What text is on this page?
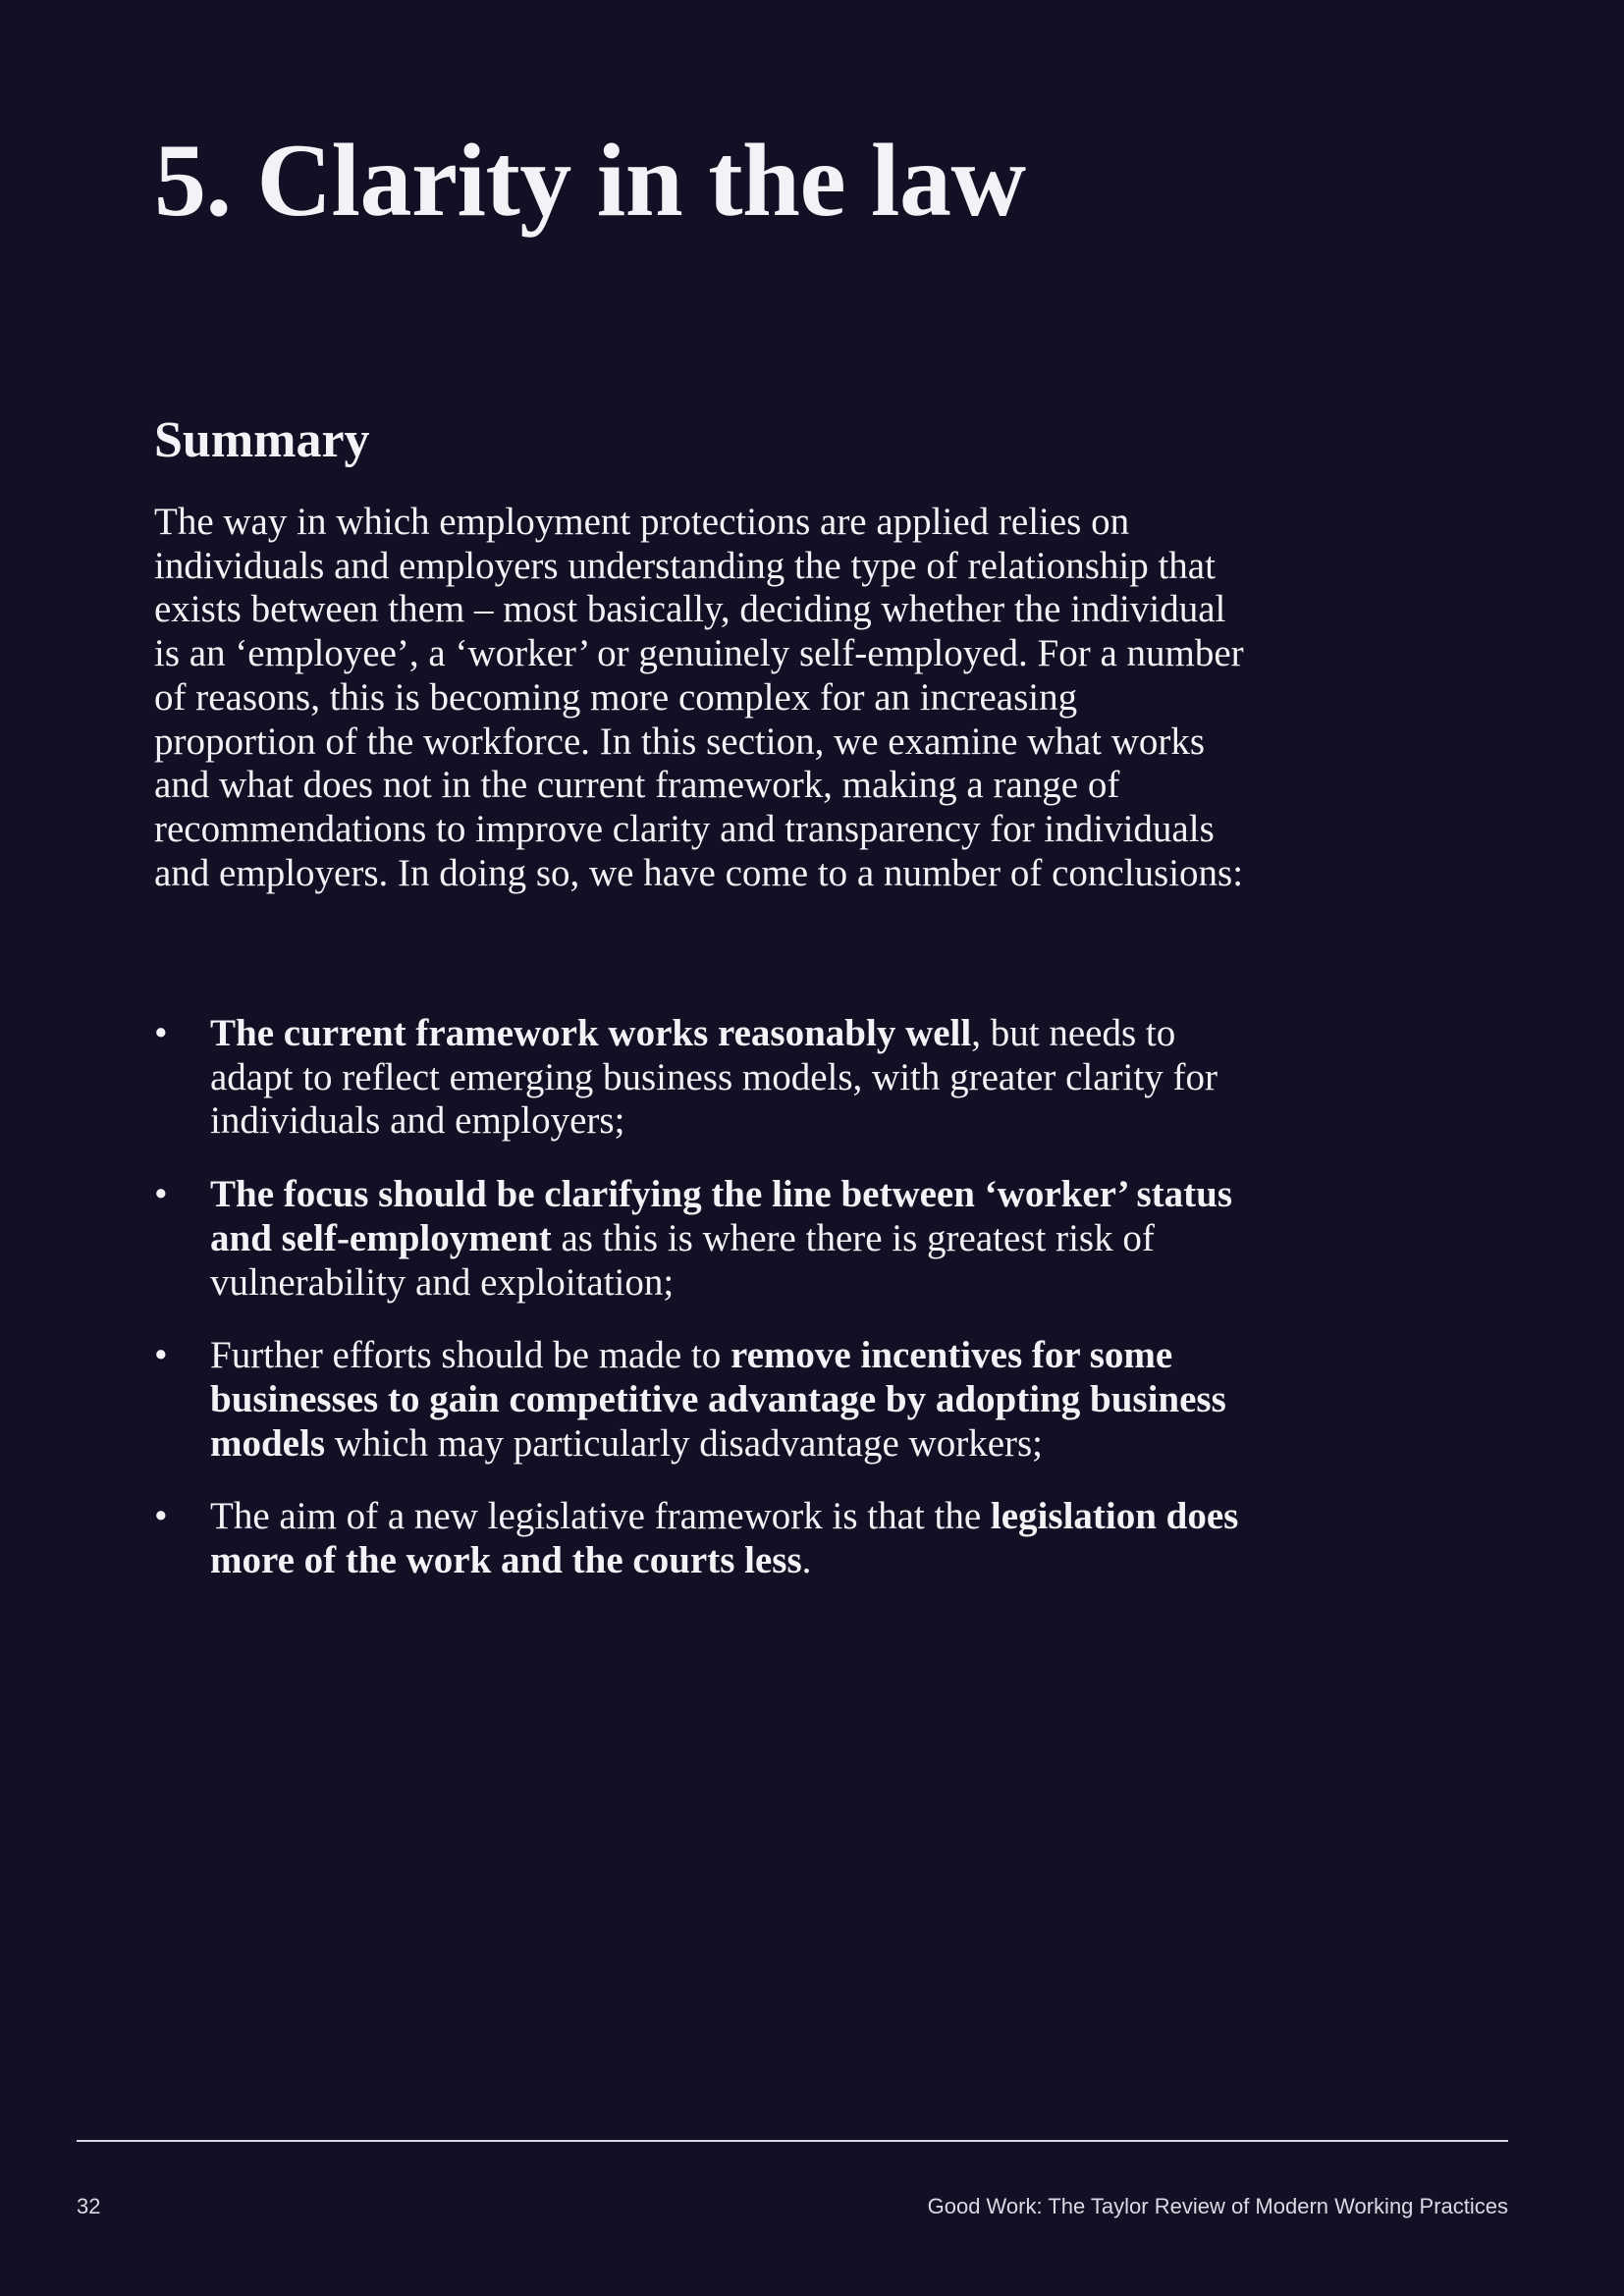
5. Clarity in the law
Summary

The way in which employment protections are applied relies on individuals and employers understanding the type of relationship that exists between them – most basically, deciding whether the individual is an ‘employee’, a ‘worker’ or genuinely self-employed. For a number of reasons, this is becoming more complex for an increasing proportion of the workforce. In this section, we examine what works and what does not in the current framework, making a range of recommendations to improve clarity and transparency for individuals and employers. In doing so, we have come to a number of conclusions:

• The current framework works reasonably well, but needs to adapt to reflect emerging business models, with greater clarity for individuals and employers;
• The focus should be clarifying the line between ‘worker’ status and self-employment as this is where there is greatest risk of vulnerability and exploitation;
• Further efforts should be made to remove incentives for some businesses to gain competitive advantage by adopting business models which may particularly disadvantage workers;
• The aim of a new legislative framework is that the legislation does more of the work and the courts less.
32	Good Work: The Taylor Review of Modern Working Practices
